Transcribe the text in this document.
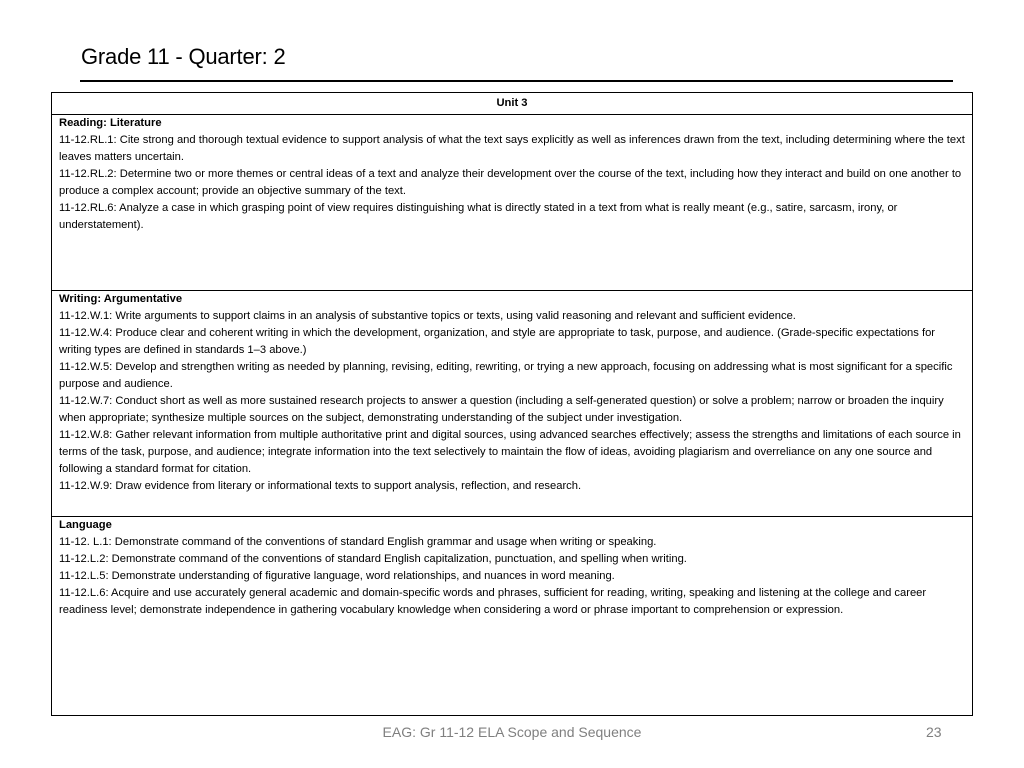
Grade 11 - Quarter: 2
Unit 3

Reading: Literature
11-12.RL.1: Cite strong and thorough textual evidence to support analysis of what the text says explicitly as well as inferences drawn from the text, including determining where the text leaves matters uncertain.
11-12.RL.2: Determine two or more themes or central ideas of a text and analyze their development over the course of the text, including how they interact and build on one another to produce a complex account; provide an objective summary of the text.
11-12.RL.6: Analyze a case in which grasping point of view requires distinguishing what is directly stated in a text from what is really meant (e.g., satire, sarcasm, irony, or understatement).

Writing: Argumentative
11-12.W.1: Write arguments to support claims in an analysis of substantive topics or texts, using valid reasoning and relevant and sufficient evidence.
11-12.W.4: Produce clear and coherent writing in which the development, organization, and style are appropriate to task, purpose, and audience. (Grade-specific expectations for writing types are defined in standards 1–3 above.)
11-12.W.5: Develop and strengthen writing as needed by planning, revising, editing, rewriting, or trying a new approach, focusing on addressing what is most significant for a specific purpose and audience.
11-12.W.7: Conduct short as well as more sustained research projects to answer a question (including a self-generated question) or solve a problem; narrow or broaden the inquiry when appropriate; synthesize multiple sources on the subject, demonstrating understanding of the subject under investigation.
11-12.W.8: Gather relevant information from multiple authoritative print and digital sources, using advanced searches effectively; assess the strengths and limitations of each source in terms of the task, purpose, and audience; integrate information into the text selectively to maintain the flow of ideas, avoiding plagiarism and overreliance on any one source and following a standard format for citation.
11-12.W.9: Draw evidence from literary or informational texts to support analysis, reflection, and research.

Language
11-12. L.1: Demonstrate command of the conventions of standard English grammar and usage when writing or speaking.
11-12.L.2: Demonstrate command of the conventions of standard English capitalization, punctuation, and spelling when writing.
11-12.L.5: Demonstrate understanding of figurative language, word relationships, and nuances in word meaning.
11-12.L.6: Acquire and use accurately general academic and domain-specific words and phrases, sufficient for reading, writing, speaking and listening at the college and career readiness level; demonstrate independence in gathering vocabulary knowledge when considering a word or phrase important to comprehension or expression.
EAG: Gr 11-12 ELA Scope and Sequence	23
